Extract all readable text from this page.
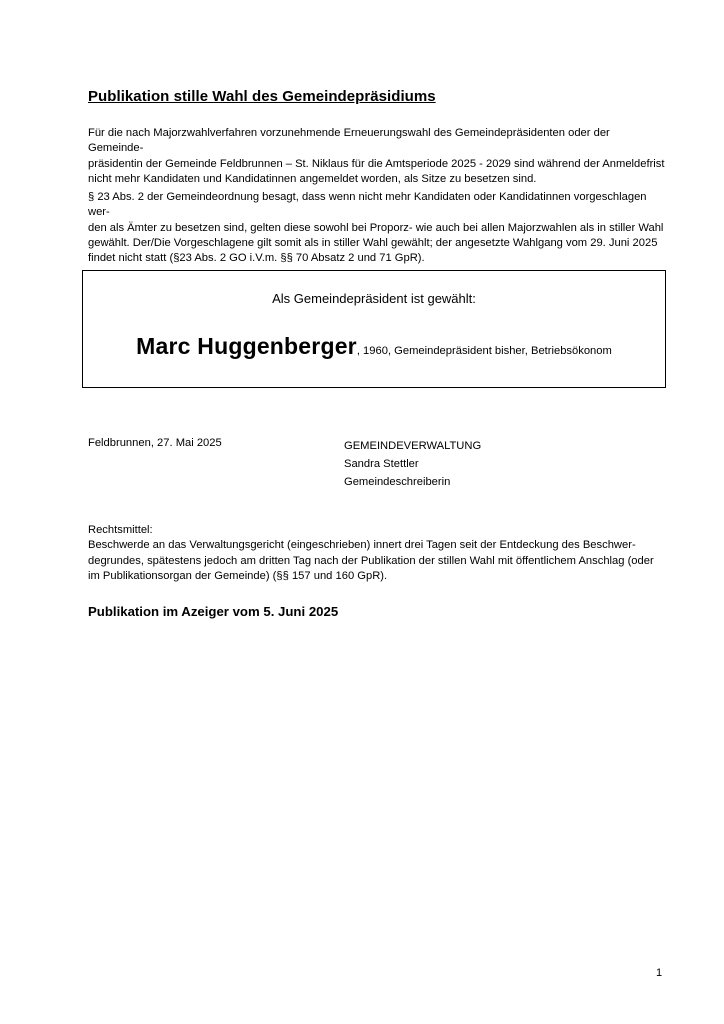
Publikation stille Wahl des Gemeindepräsidiums

Für die nach Majorzwahlverfahren vorzunehmende Erneuerungswahl des Gemeindepräsidenten oder der Gemeinde-
präsidentin der Gemeinde Feldbrunnen – St. Niklaus für die Amtsperiode 2025 - 2029 sind während der Anmeldefrist
nicht mehr Kandidaten und Kandidatinnen angemeldet worden, als Sitze zu besetzen sind.

§ 23 Abs. 2 der Gemeindeordnung besagt, dass wenn nicht mehr Kandidaten oder Kandidatinnen vorgeschlagen wer-
den als Ämter zu besetzen sind, gelten diese sowohl bei Proporz- wie auch bei allen Majorzwahlen als in stiller Wahl
gewählt. Der/Die Vorgeschlagene gilt somit als in stiller Wahl gewählt; der angesetzte Wahlgang vom 29. Juni 2025
findet nicht statt (§23 Abs. 2 GO i.V.m. §§ 70 Absatz 2 und 71 GpR).

Als Gemeindepräsident ist gewählt:
Marc Huggenberger, 1960, Gemeindepräsident bisher, Betriebsökonom
Feldbrunnen, 27. Mai 2025	GEMEINDEVERWALTUNG
Sandra Stettler
Gemeindeschreiberin

Rechtsmittel:

Beschwerde an das Verwaltungsgericht (eingeschrieben) innert drei Tagen seit der Entdeckung des Beschwer-
degrundes, spätestens jedoch am dritten Tag nach der Publikation der stillen Wahl mit öffentlichem Anschlag (oder
im Publikationsorgan der Gemeinde) (§§ 157 und 160 GpR).

Publikation im Azeiger vom 5. Juni 2025
1
